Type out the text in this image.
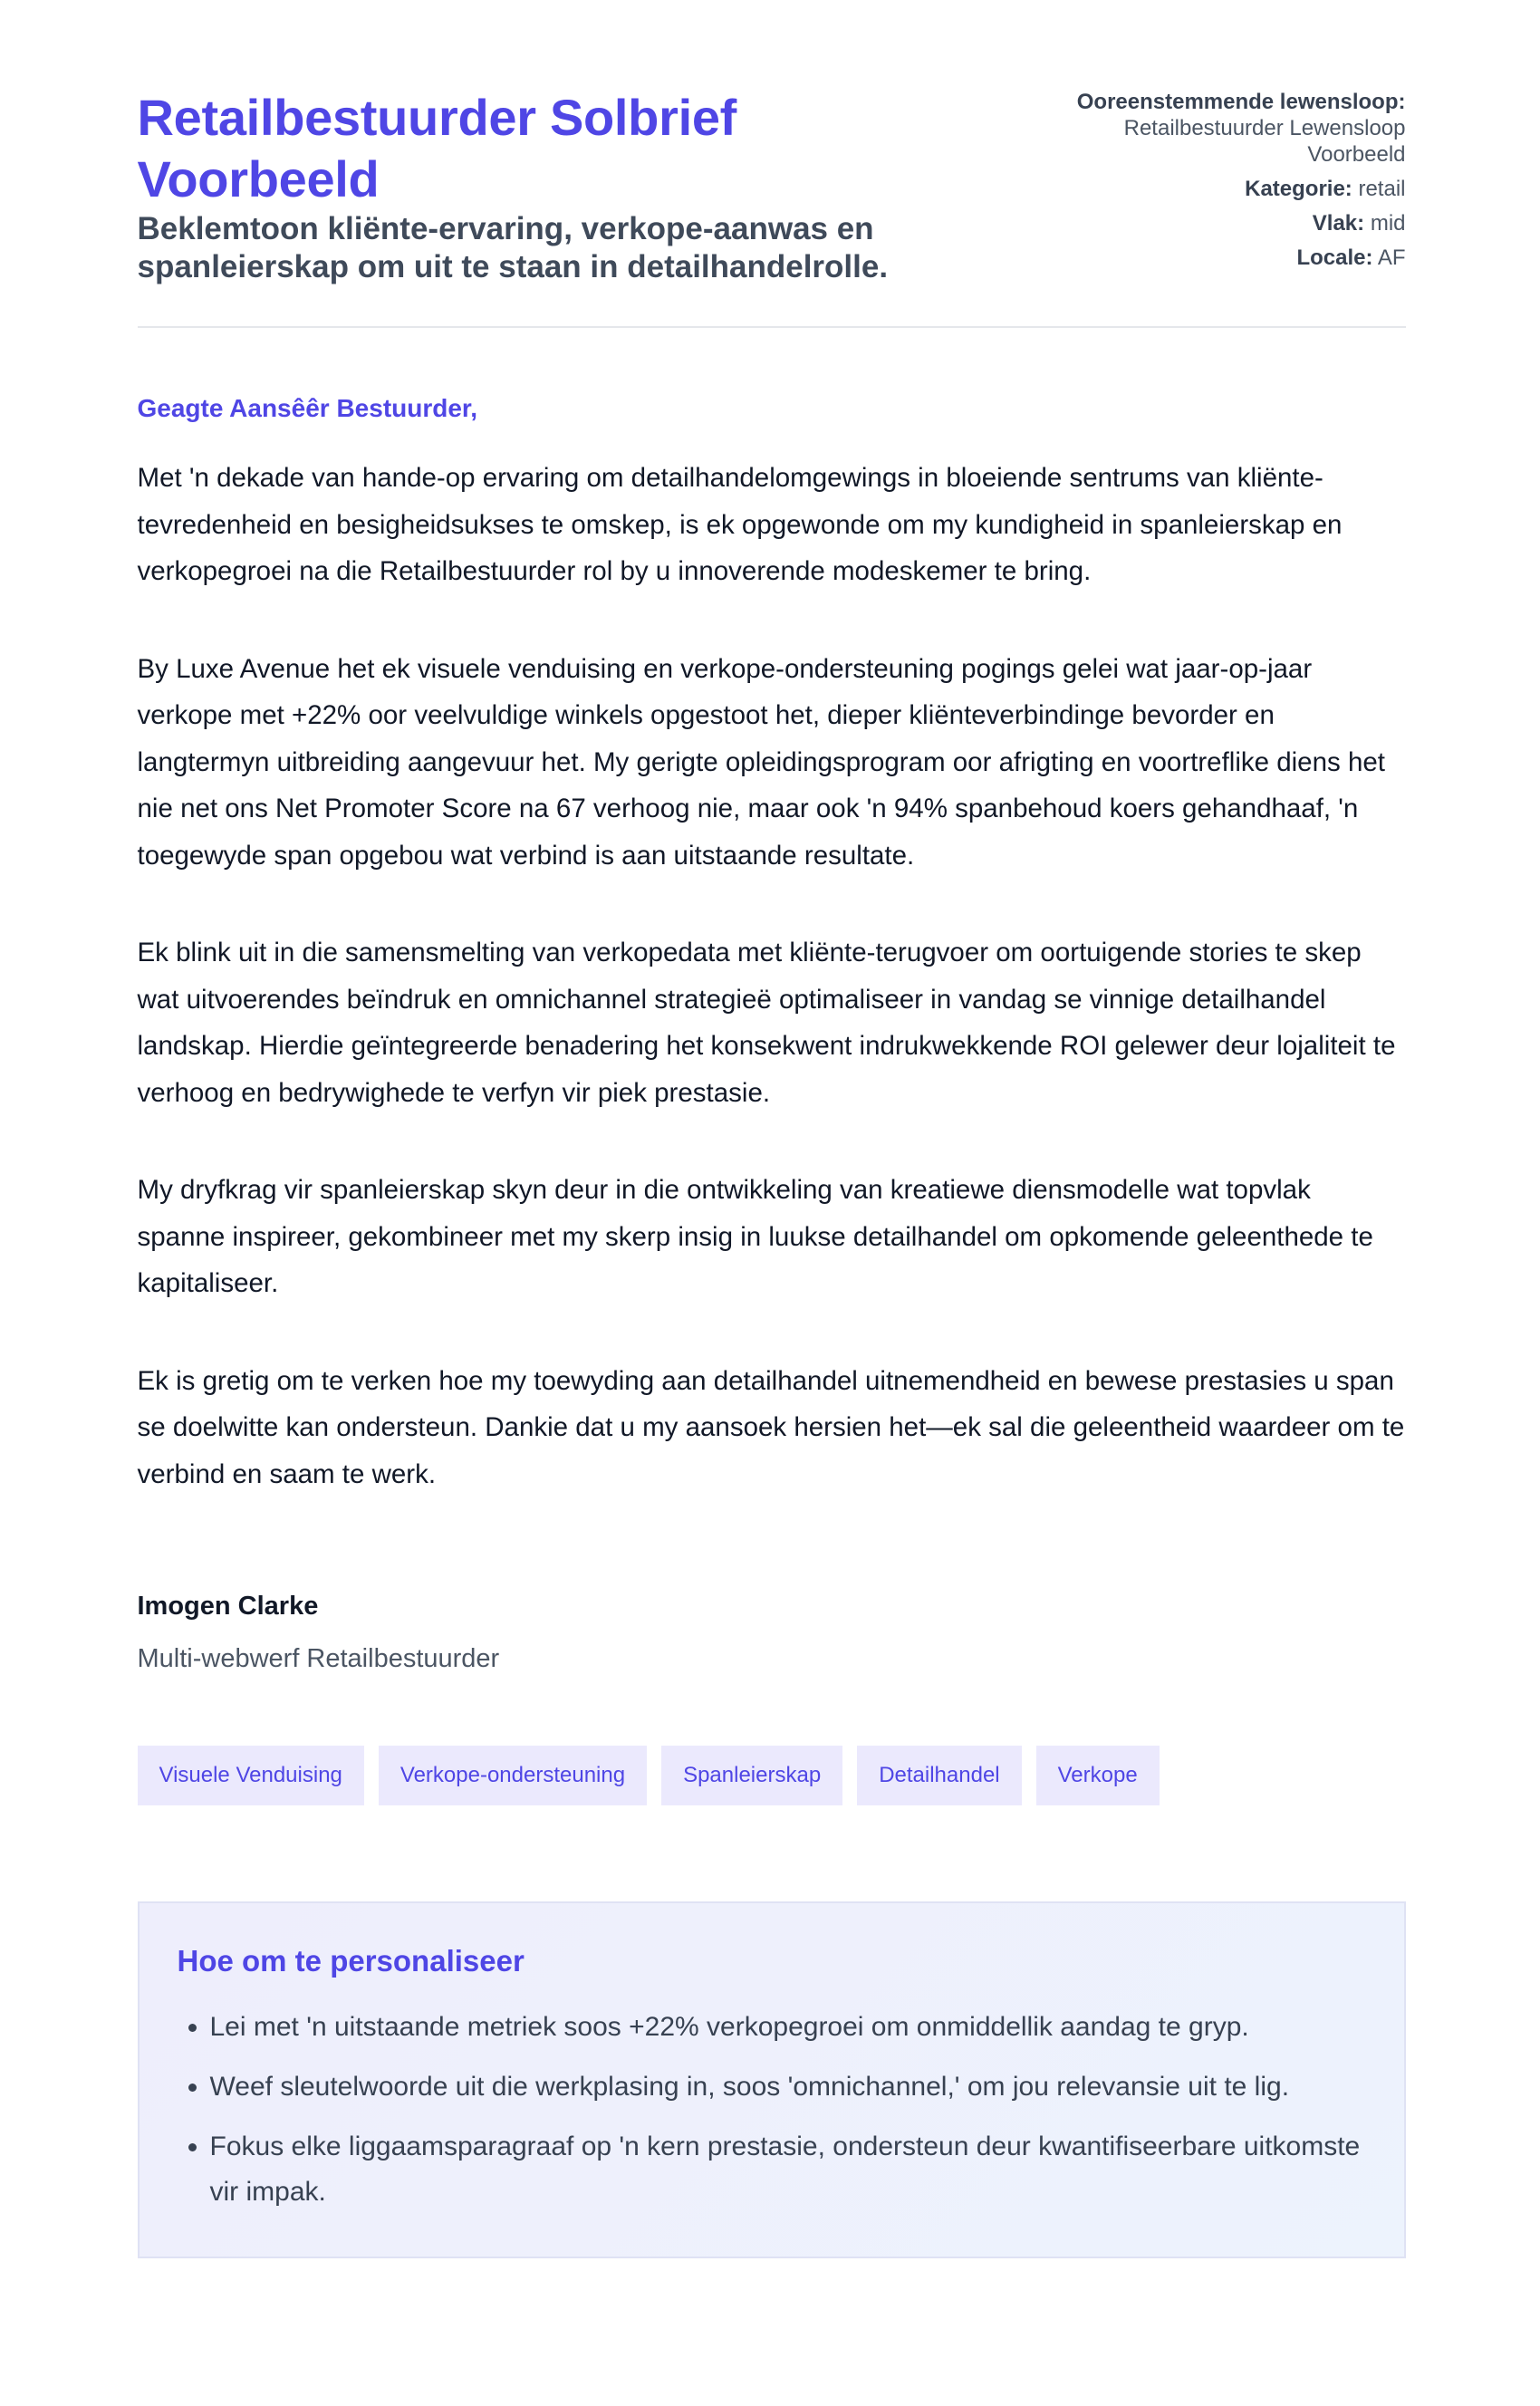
Retailbestuurder Solbrief Voorbeeld
Beklemtoon kliënte-ervaring, verkope-aanwas en spanleierskap om uit te staan in detailhandelrolle.
Ooreenstemmende lewensloop:
Retailbestuurder Lewensloop Voorbeeld
Kategorie: retail
Vlak: mid
Locale: AF

Geagte Aansêêr Bestuurder,

Met 'n dekade van hande-op ervaring om detailhandelomgewings in bloeiende sentrums van kliënte-tevredenheid en besigheidsukses te omskep, is ek opgewonde om my kundigheid in spanleierskap en verkopegroei na die Retailbestuurder rol by u innoverende modeskemer te bring.

By Luxe Avenue het ek visuele venduising en verkope-ondersteuning pogings gelei wat jaar-op-jaar verkope met +22% oor veelvuldige winkels opgestoot het, dieper kliënteverbindinge bevorder en langtermyn uitbreiding aangevuur het. My gerigte opleidingsprogram oor afrigting en voortreflike diens het nie net ons Net Promoter Score na 67 verhoog nie, maar ook 'n 94% spanbehoud koers gehandhaaf, 'n toegewyde span opgebou wat verbind is aan uitstaande resultate.

Ek blink uit in die samensmelting van verkopedata met kliënte-terugvoer om oortuigende stories te skep wat uitvoerendes beïndruk en omnichannel strategieë optimaliseer in vandag se vinnige detailhandel landskap. Hierdie geïntegreerde benadering het konsekwent indrukwekkende ROI gelewer deur lojaliteit te verhoog en bedrywighede te verfyn vir piek prestasie.

My dryfkrag vir spanleierskap skyn deur in die ontwikkeling van kreatiewe diensmodelle wat topvlak spanne inspireer, gekombineer met my skerp insig in luukse detailhandel om opkomende geleenthede te kapitaliseer.

Ek is gretig om te verken hoe my toewyding aan detailhandel uitnemendheid en bewese prestasies u span se doelwitte kan ondersteun. Dankie dat u my aansoek hersien het—ek sal die geleentheid waardeer om te verbind en saam te werk.

Imogen Clarke

Multi-webwerf Retailbestuurder

Visuele Venduising	Verkope-ondersteuning	Spanleierskap	Detailhandel	Verkope
Hoe om te personaliseer
• Lei met 'n uitstaande metriek soos +22% verkopegroei om onmiddellik aandag te gryp.
• Weef sleutelwoorde uit die werkplasing in, soos 'omnichannel,' om jou relevansie uit te lig.
• Fokus elke liggaamsparagraaf op 'n kern prestasie, ondersteun deur kwantifiseerbare uitkomste vir impak.
